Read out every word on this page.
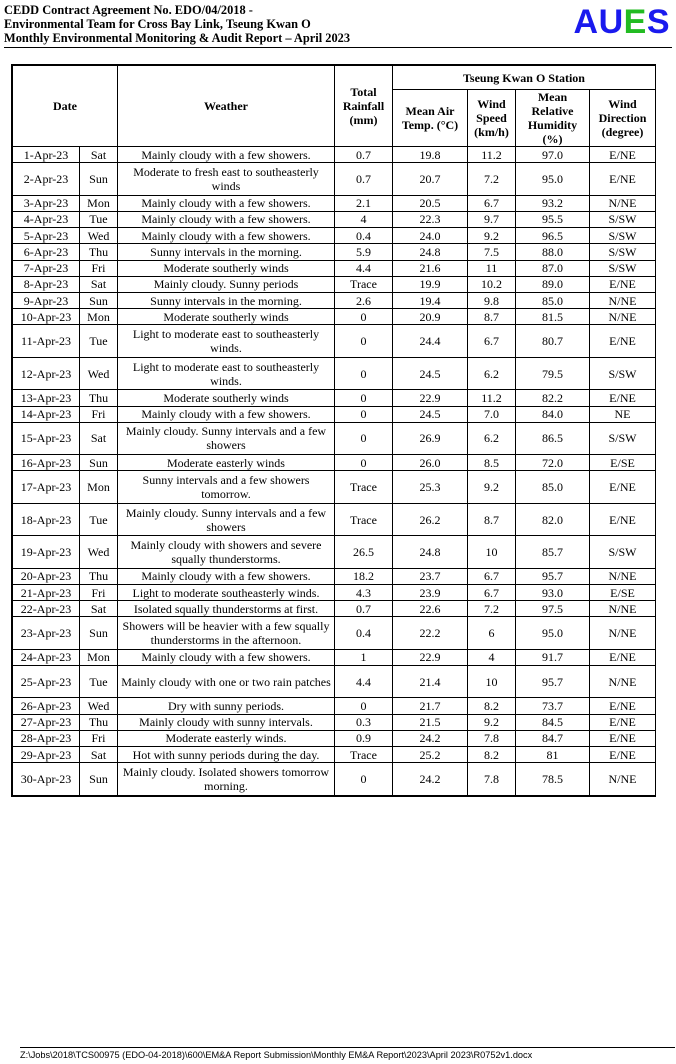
CEDD Contract Agreement No. EDO/04/2018 -
Environmental Team for Cross Bay Link, Tseung Kwan O
Monthly Environmental Monitoring & Audit Report – April 2023	AUES
Date		Weather	Total Rainfall (mm)	Tseung Kwan O Station			
				Mean Air Temp. (°C)	Wind Speed (km/h)	Mean Relative Humidity (%)	Wind Direction (degree)
1-Apr-23	Sat	Mainly cloudy with a few showers.	0.7	19.8	11.2	97.0	E/NE
2-Apr-23	Sun	Moderate to fresh east to southeasterly winds	0.7	20.7	7.2	95.0	E/NE
3-Apr-23	Mon	Mainly cloudy with a few showers.	2.1	20.5	6.7	93.2	N/NE
4-Apr-23	Tue	Mainly cloudy with a few showers.	4	22.3	9.7	95.5	S/SW
5-Apr-23	Wed	Mainly cloudy with a few showers.	0.4	24.0	9.2	96.5	S/SW
6-Apr-23	Thu	Sunny intervals in the morning.	5.9	24.8	7.5	88.0	S/SW
7-Apr-23	Fri	Moderate southerly winds	4.4	21.6	11	87.0	S/SW
8-Apr-23	Sat	Mainly cloudy. Sunny periods	Trace	19.9	10.2	89.0	E/NE
9-Apr-23	Sun	Sunny intervals in the morning.	2.6	19.4	9.8	85.0	N/NE
10-Apr-23	Mon	Moderate southerly winds	0	20.9	8.7	81.5	N/NE
11-Apr-23	Tue	Light to moderate east to southeasterly winds.	0	24.4	6.7	80.7	E/NE
12-Apr-23	Wed	Light to moderate east to southeasterly winds.	0	24.5	6.2	79.5	S/SW
13-Apr-23	Thu	Moderate southerly winds	0	22.9	11.2	82.2	E/NE
14-Apr-23	Fri	Mainly cloudy with a few showers.	0	24.5	7.0	84.0	NE
15-Apr-23	Sat	Mainly cloudy. Sunny intervals and a few showers	0	26.9	6.2	86.5	S/SW
16-Apr-23	Sun	Moderate easterly winds	0	26.0	8.5	72.0	E/SE
17-Apr-23	Mon	Sunny intervals and a few showers tomorrow.	Trace	25.3	9.2	85.0	E/NE
18-Apr-23	Tue	Mainly cloudy. Sunny intervals and a few showers	Trace	26.2	8.7	82.0	E/NE
19-Apr-23	Wed	Mainly cloudy with showers and severe squally thunderstorms.	26.5	24.8	10	85.7	S/SW
20-Apr-23	Thu	Mainly cloudy with a few showers.	18.2	23.7	6.7	95.7	N/NE
21-Apr-23	Fri	Light to moderate southeasterly winds.	4.3	23.9	6.7	93.0	E/SE
22-Apr-23	Sat	Isolated squally thunderstorms at first.	0.7	22.6	7.2	97.5	N/NE
23-Apr-23	Sun	Showers will be heavier with a few squally thunderstorms in the afternoon.	0.4	22.2	6	95.0	N/NE
24-Apr-23	Mon	Mainly cloudy with a few showers.	1	22.9	4	91.7	E/NE
25-Apr-23	Tue	Mainly cloudy with one or two rain patches	4.4	21.4	10	95.7	N/NE
26-Apr-23	Wed	Dry with sunny periods.	0	21.7	8.2	73.7	E/NE
27-Apr-23	Thu	Mainly cloudy with sunny intervals.	0.3	21.5	9.2	84.5	E/NE
28-Apr-23	Fri	Moderate easterly winds.	0.9	24.2	7.8	84.7	E/NE
29-Apr-23	Sat	Hot with sunny periods during the day.	Trace	25.2	8.2	81	E/NE
30-Apr-23	Sun	Mainly cloudy. Isolated showers tomorrow morning.	0	24.2	7.8	78.5	N/NE
Z:\Jobs\2018\TCS00975 (EDO-04-2018)\600\EM&A Report Submission\Monthly EM&A Report\2023\April 2023\R0752v1.docx
